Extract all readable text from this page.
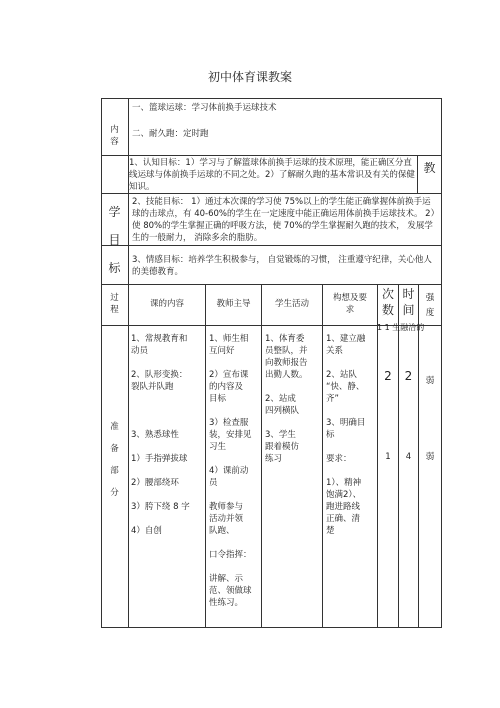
初中体育课教案
内
容
一、篮球运球：学习体前换手运球技术
二、耐久跑：定时跑
1、认知目标：1）学习与了解篮球体前换手运球的技术原理，能正确区分直线运球与体前换手运球的不同之处。2）了解耐久跑的基本常识及有关的保健知识。
教
学
目
标
2、技能目标： 1）通过本次课的学习使 75%以上的学生能正确掌握体前换手运球的击球点，有 40-60%的学生在一定速度中能正确运用体前换手运球技术。 2）使 80%的学生掌握正确的呼吸方法，使 70%的学生掌握耐久跑的技术， 发展学生的一般耐力， 消除多余的脂肪。
3、情感目标：培养学生积极参与， 自觉锻炼的习惯， 注重遵守纪律，关心他人的美德教育。
过
程
课的内容	教师主导	学生活动
构想及要
求
次
数
时
间
强
度
准
备
部
分
1、常规教育和
动员

2、队形变换：
裂队并队跑

3、熟悉球性

1）手指弹拔球

2）腰部绕环

3）胯下绕 8 字

4）自创
1、师生相
互问好

2）宣布课
的内容及
目标

3）检查服
装，安排见
习生

4）课前动
员

教师参与
活动并领
队跑、

口令指挥：

讲解、示
范、领做球
性练习。
1、体育委
员整队，并
向教师报告
出勤人数。

2、站成
四列横队

3、学生
跟着模仿
练习
1、建立融
关系

2、站队
“快、静、
齐”

3、明确目
标

要求：

1）、精神
饱满2）、
跑进路线
正确、清
楚
1 1 生融洽的
2
1
2
4
弱
弱
